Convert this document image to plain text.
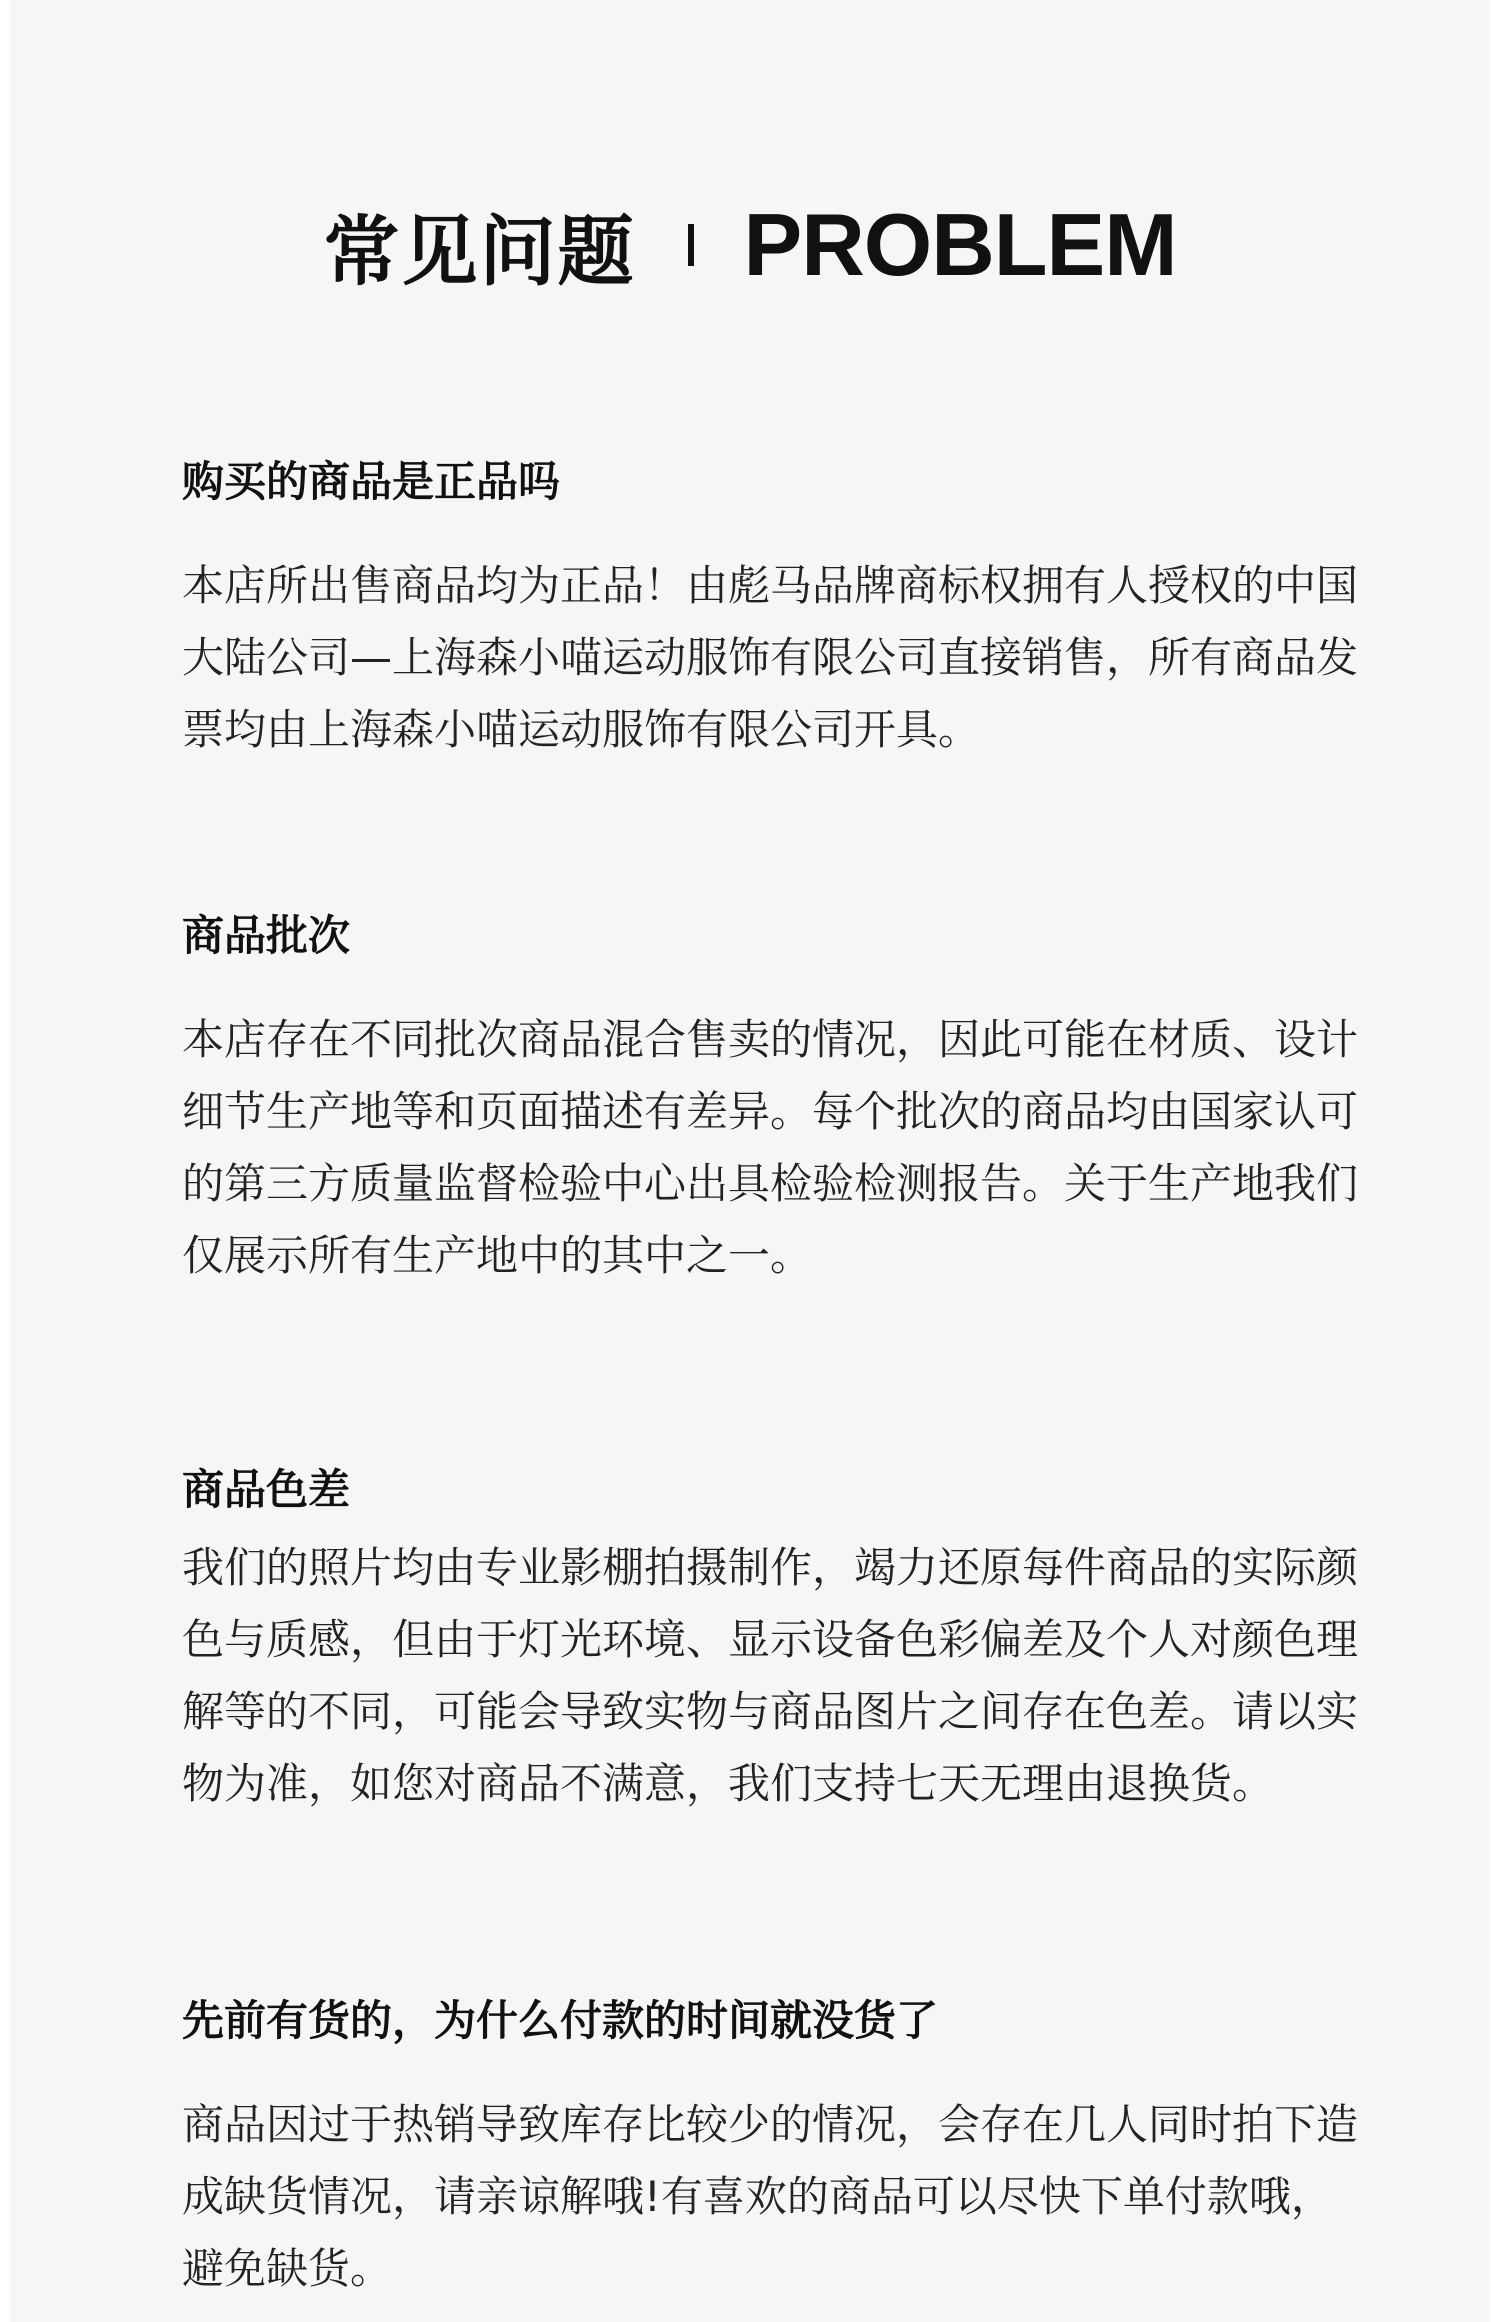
常见问题 PROBLEM

购买的商品是正品吗

本店所出售商品均为正品！由彪马品牌商标权拥有人授权的中国大陆公司—上海森小喵运动服饰有限公司直接销售，所有商品发票均由上海森小喵运动服饰有限公司开具。

商品批次

本店存在不同批次商品混合售卖的情况，因此可能在材质、设计细节生产地等和页面描述有差异。每个批次的商品均由国家认可的第三方质量监督检验中心出具检验检测报告。关于生产地我们仅展示所有生产地中的其中之一。

商品色差

我们的照片均由专业影棚拍摄制作，竭力还原每件商品的实际颜色与质感，但由于灯光环境、显示设备色彩偏差及个人对颜色理解等的不同，可能会导致实物与商品图片之间存在色差。请以实物为准，如您对商品不满意，我们支持七天无理由退换货。

先前有货的，为什么付款的时间就没货了

商品因过于热销导致库存比较少的情况，会存在几人同时拍下造成缺货情况，请亲谅解哦!有喜欢的商品可以尽快下单付款哦，避免缺货。
